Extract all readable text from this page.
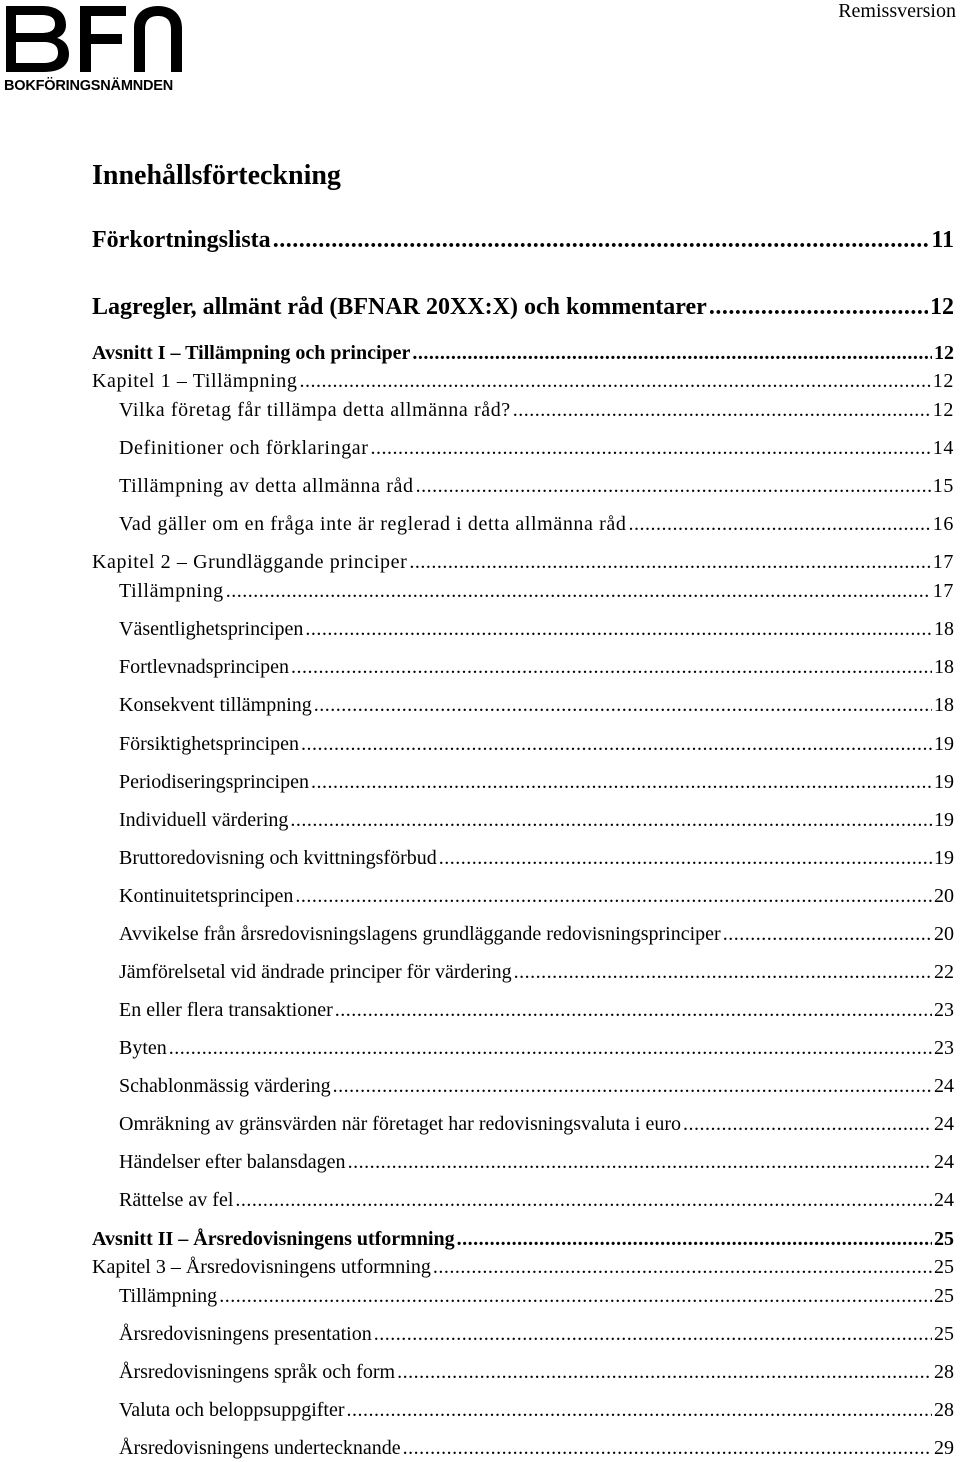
BOKFÖRINGSNÄMNDEN
Remissversion
Innehållsförteckning
Förkortningslista .....	11
Lagregler, allmänt råd (BFNAR 20XX:X) och kommentarer .....	12
Avsnitt I – Tillämpning och principer .....	12
Kapitel 1 – Tillämpning .....	12
Vilka företag får tillämpa detta allmänna råd? .....	12
Definitioner och förklaringar .....	14
Tillämpning av detta allmänna råd .....	15
Vad gäller om en fråga inte är reglerad i detta allmänna råd .....	16
Kapitel 2 – Grundläggande principer .....	17
Tillämpning .....	17
Väsentlighetsprincipen .....	18
Fortlevnadsprincipen .....	18
Konsekvent tillämpning .....	18
Försiktighetsprincipen .....	19
Periodiseringsprincipen .....	19
Individuell värdering .....	19
Bruttoredovisning och kvittningsförbud .....	19
Kontinuitetsprincipen .....	20
Avvikelse från årsredovisningslagens grundläggande redovisningsprinciper .....	20
Jämförelsetal vid ändrade principer för värdering .....	22
En eller flera transaktioner .....	23
Byten .....	23
Schablonmässig värdering .....	24
Omräkning av gränsvärden när företaget har redovisningsvaluta i euro .....	24
Händelser efter balansdagen .....	24
Rättelse av fel .....	24
Avsnitt II – Årsredovisningens utformning .....	25
Kapitel 3 – Årsredovisningens utformning .....	25
Tillämpning .....	25
Årsredovisningens presentation .....	25
Årsredovisningens språk och form .....	28
Valuta och beloppsuppgifter .....	28
Årsredovisningens undertecknande .....	29
